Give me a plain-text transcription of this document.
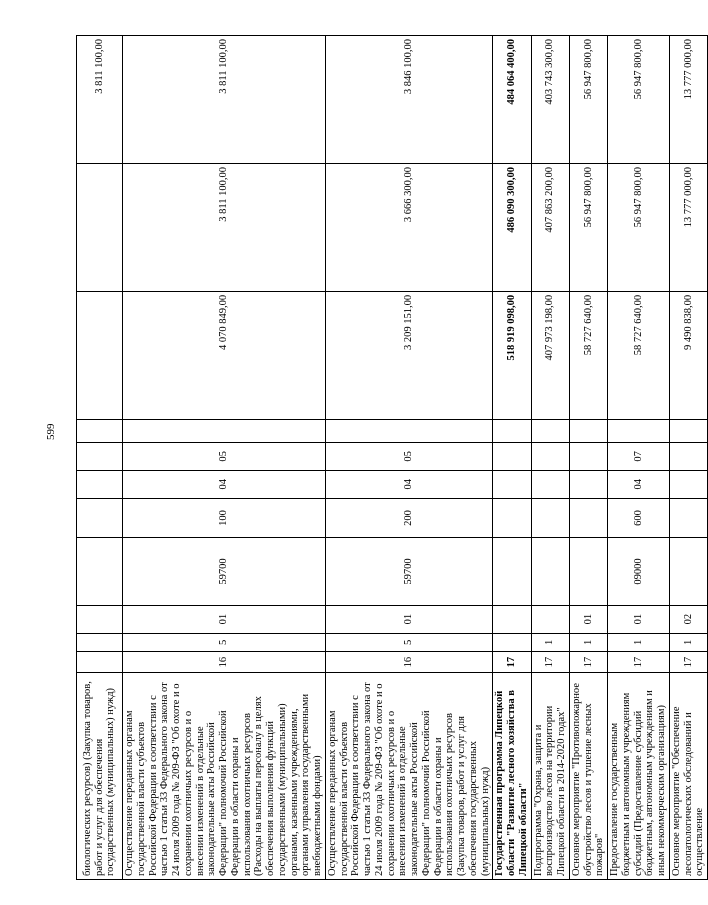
599
биологических ресурсов) (Закупка товаров, работ и услуг для обеспечения государственных (муниципальных) нужд)											3 811 100,00
Осуществление переданных органам государственной власти субъектов Российской Федерации в соответствии с частью 1 статьи 33 Федерального закона от 24 июля 2009 года № 209-ФЗ "Об охоте и о сохранении охотничьих ресурсов и о внесении изменений в отдельные законодательные акты Российской Федерации" полномочий Российской Федерации в области охраны и использования охотничьих ресурсов (Расходы на выплаты персоналу в целях обеспечения выполнения функций государственными (муниципальными) органами, казенными учреждениями, органами управления государственными внебюджетными фондами)	16	5	01	59700	100	04	05		4 070 849,00	3 811 100,00	3 811 100,00
Осуществление переданных органам государственной власти субъектов Российской Федерации в соответствии с частью 1 статьи 33 Федерального закона от 24 июля 2009 года № 209-ФЗ "Об охоте и о сохранении охотничьих ресурсов и о внесении изменений в отдельные законодательные акты Российской Федерации" полномочий Российской Федерации в области охраны и использования охотничьих ресурсов (Закупка товаров, работ и услуг для обеспечения государственных (муниципальных) нужд)	16	5	01	59700	200	04	05		3 209 151,00	3 666 300,00	3 846 100,00
Государственная программа Липецкой области "Развитие лесного хозяйства в Липецкой области"	17								518 919 098,00	486 090 300,00	484 064 400,00
Подпрограмма "Охрана, защита и воспроизводство лесов на территории Липецкой области в 2014-2020 годах"	17	1							407 973 198,00	407 863 200,00	403 743 300,00
Основное мероприятие "Противопожарное обустройство лесов и тушение лесных пожаров"	17	1	01						58 727 640,00	56 947 800,00	56 947 800,00
Предоставление государственным бюджетным и автономным учреждениям субсидий (Предоставление субсидий бюджетным, автономным учреждениям и иным некоммерческим организациям)	17	1	01	09000	600	04	07		58 727 640,00	56 947 800,00	56 947 800,00
Основное мероприятие "Обеспечение лесопатологических обследований и осуществление	17	1	02						9 490 838,00	13 777 000,00	13 777 000,00
